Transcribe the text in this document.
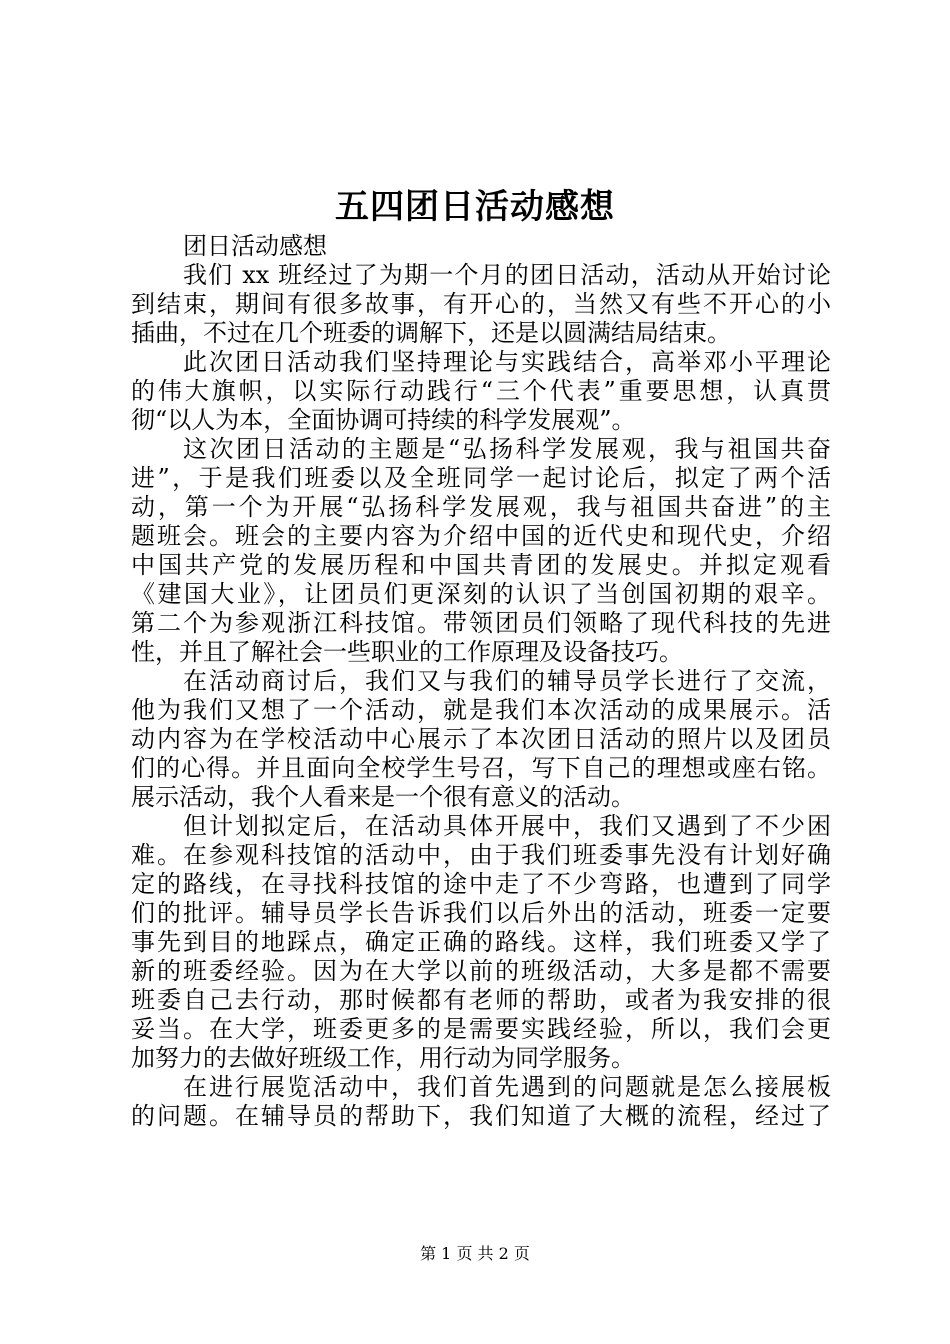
五四团日活动感想
团日活动感想
我们 xx 班经过了为期一个月的团日活动，活动从开始讨论
到结束，期间有很多故事，有开心的，当然又有些不开心的小
插曲，不过在几个班委的调解下，还是以圆满结局结束。
此次团日活动我们坚持理论与实践结合，高举邓小平理论
的伟大旗帜，以实际行动践行“三个代表”重要思想，认真贯
彻“以人为本，全面协调可持续的科学发展观”。
这次团日活动的主题是“弘扬科学发展观，我与祖国共奋
进”，于是我们班委以及全班同学一起讨论后，拟定了两个活
动，第一个为开展“弘扬科学发展观，我与祖国共奋进”的主
题班会。班会的主要内容为介绍中国的近代史和现代史，介绍
中国共产党的发展历程和中国共青团的发展史。并拟定观看
《建国大业》，让团员们更深刻的认识了当创国初期的艰辛。
第二个为参观浙江科技馆。带领团员们领略了现代科技的先进
性，并且了解社会一些职业的工作原理及设备技巧。
在活动商讨后，我们又与我们的辅导员学长进行了交流，
他为我们又想了一个活动，就是我们本次活动的成果展示。活
动内容为在学校活动中心展示了本次团日活动的照片以及团员
们的心得。并且面向全校学生号召，写下自己的理想或座右铭。
展示活动，我个人看来是一个很有意义的活动。
但计划拟定后，在活动具体开展中，我们又遇到了不少困
难。在参观科技馆的活动中，由于我们班委事先没有计划好确
定的路线，在寻找科技馆的途中走了不少弯路，也遭到了同学
们的批评。辅导员学长告诉我们以后外出的活动，班委一定要
事先到目的地踩点，确定正确的路线。这样，我们班委又学了
新的班委经验。因为在大学以前的班级活动，大多是都不需要
班委自己去行动，那时候都有老师的帮助，或者为我安排的很
妥当。在大学，班委更多的是需要实践经验，所以，我们会更
加努力的去做好班级工作，用行动为同学服务。
在进行展览活动中，我们首先遇到的问题就是怎么接展板
的问题。在辅导员的帮助下，我们知道了大概的流程，经过了
第 1 页 共 2 页
